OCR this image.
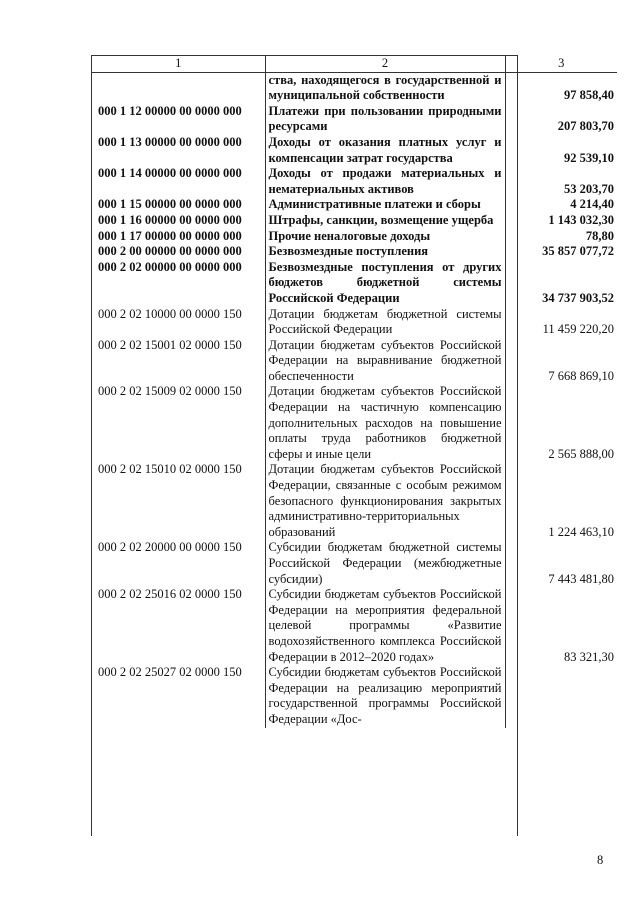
1	2	3
	ства, находящегося в государственной и муниципальной собственности	97 858,40
000 1 12 00000 00 0000 000	Платежи при пользовании природными ресурсами	207 803,70
000 1 13 00000 00 0000 000	Доходы от оказания платных услуг и компенсации затрат государства	92 539,10
000 1 14 00000 00 0000 000	Доходы от продажи материальных и нематериальных активов	53 203,70
000 1 15 00000 00 0000 000	Административные платежи и сборы	4 214,40
000 1 16 00000 00 0000 000	Штрафы, санкции, возмещение ущерба	1 143 032,30
000 1 17 00000 00 0000 000	Прочие неналоговые доходы	78,80
000 2 00 00000 00 0000 000	Безвозмездные поступления	35 857 077,72
000 2 02 00000 00 0000 000	Безвозмездные поступления от других бюджетов бюджетной системы Российской Федерации	34 737 903,52
000 2 02 10000 00 0000 150	Дотации бюджетам бюджетной системы Российской Федерации	11 459 220,20
000 2 02 15001 02 0000 150	Дотации бюджетам субъектов Российской Федерации на выравнивание бюджетной обеспеченности	7 668 869,10
000 2 02 15009 02 0000 150	Дотации бюджетам субъектов Российской Федерации на частичную компенсацию дополнительных расходов на повышение оплаты труда работников бюджетной сферы и иные цели	2 565 888,00
000 2 02 15010 02 0000 150	Дотации бюджетам субъектов Российской Федерации, связанные с особым режимом безопасного функционирования закрытых административно-территориальных образований	1 224 463,10
000 2 02 20000 00 0000 150	Субсидии бюджетам бюджетной системы Российской Федерации (межбюджетные субсидии)	7 443 481,80
000 2 02 25016 02 0000 150	Субсидии бюджетам субъектов Российской Федерации на мероприятия федеральной целевой программы «Развитие водохозяйственного комплекса Российской Федерации в 2012–2020 годах»	83 321,30
000 2 02 25027 02 0000 150	Субсидии бюджетам субъектов Российской Федерации на реализацию мероприятий государственной программы Российской Федерации «Дос-	
8
